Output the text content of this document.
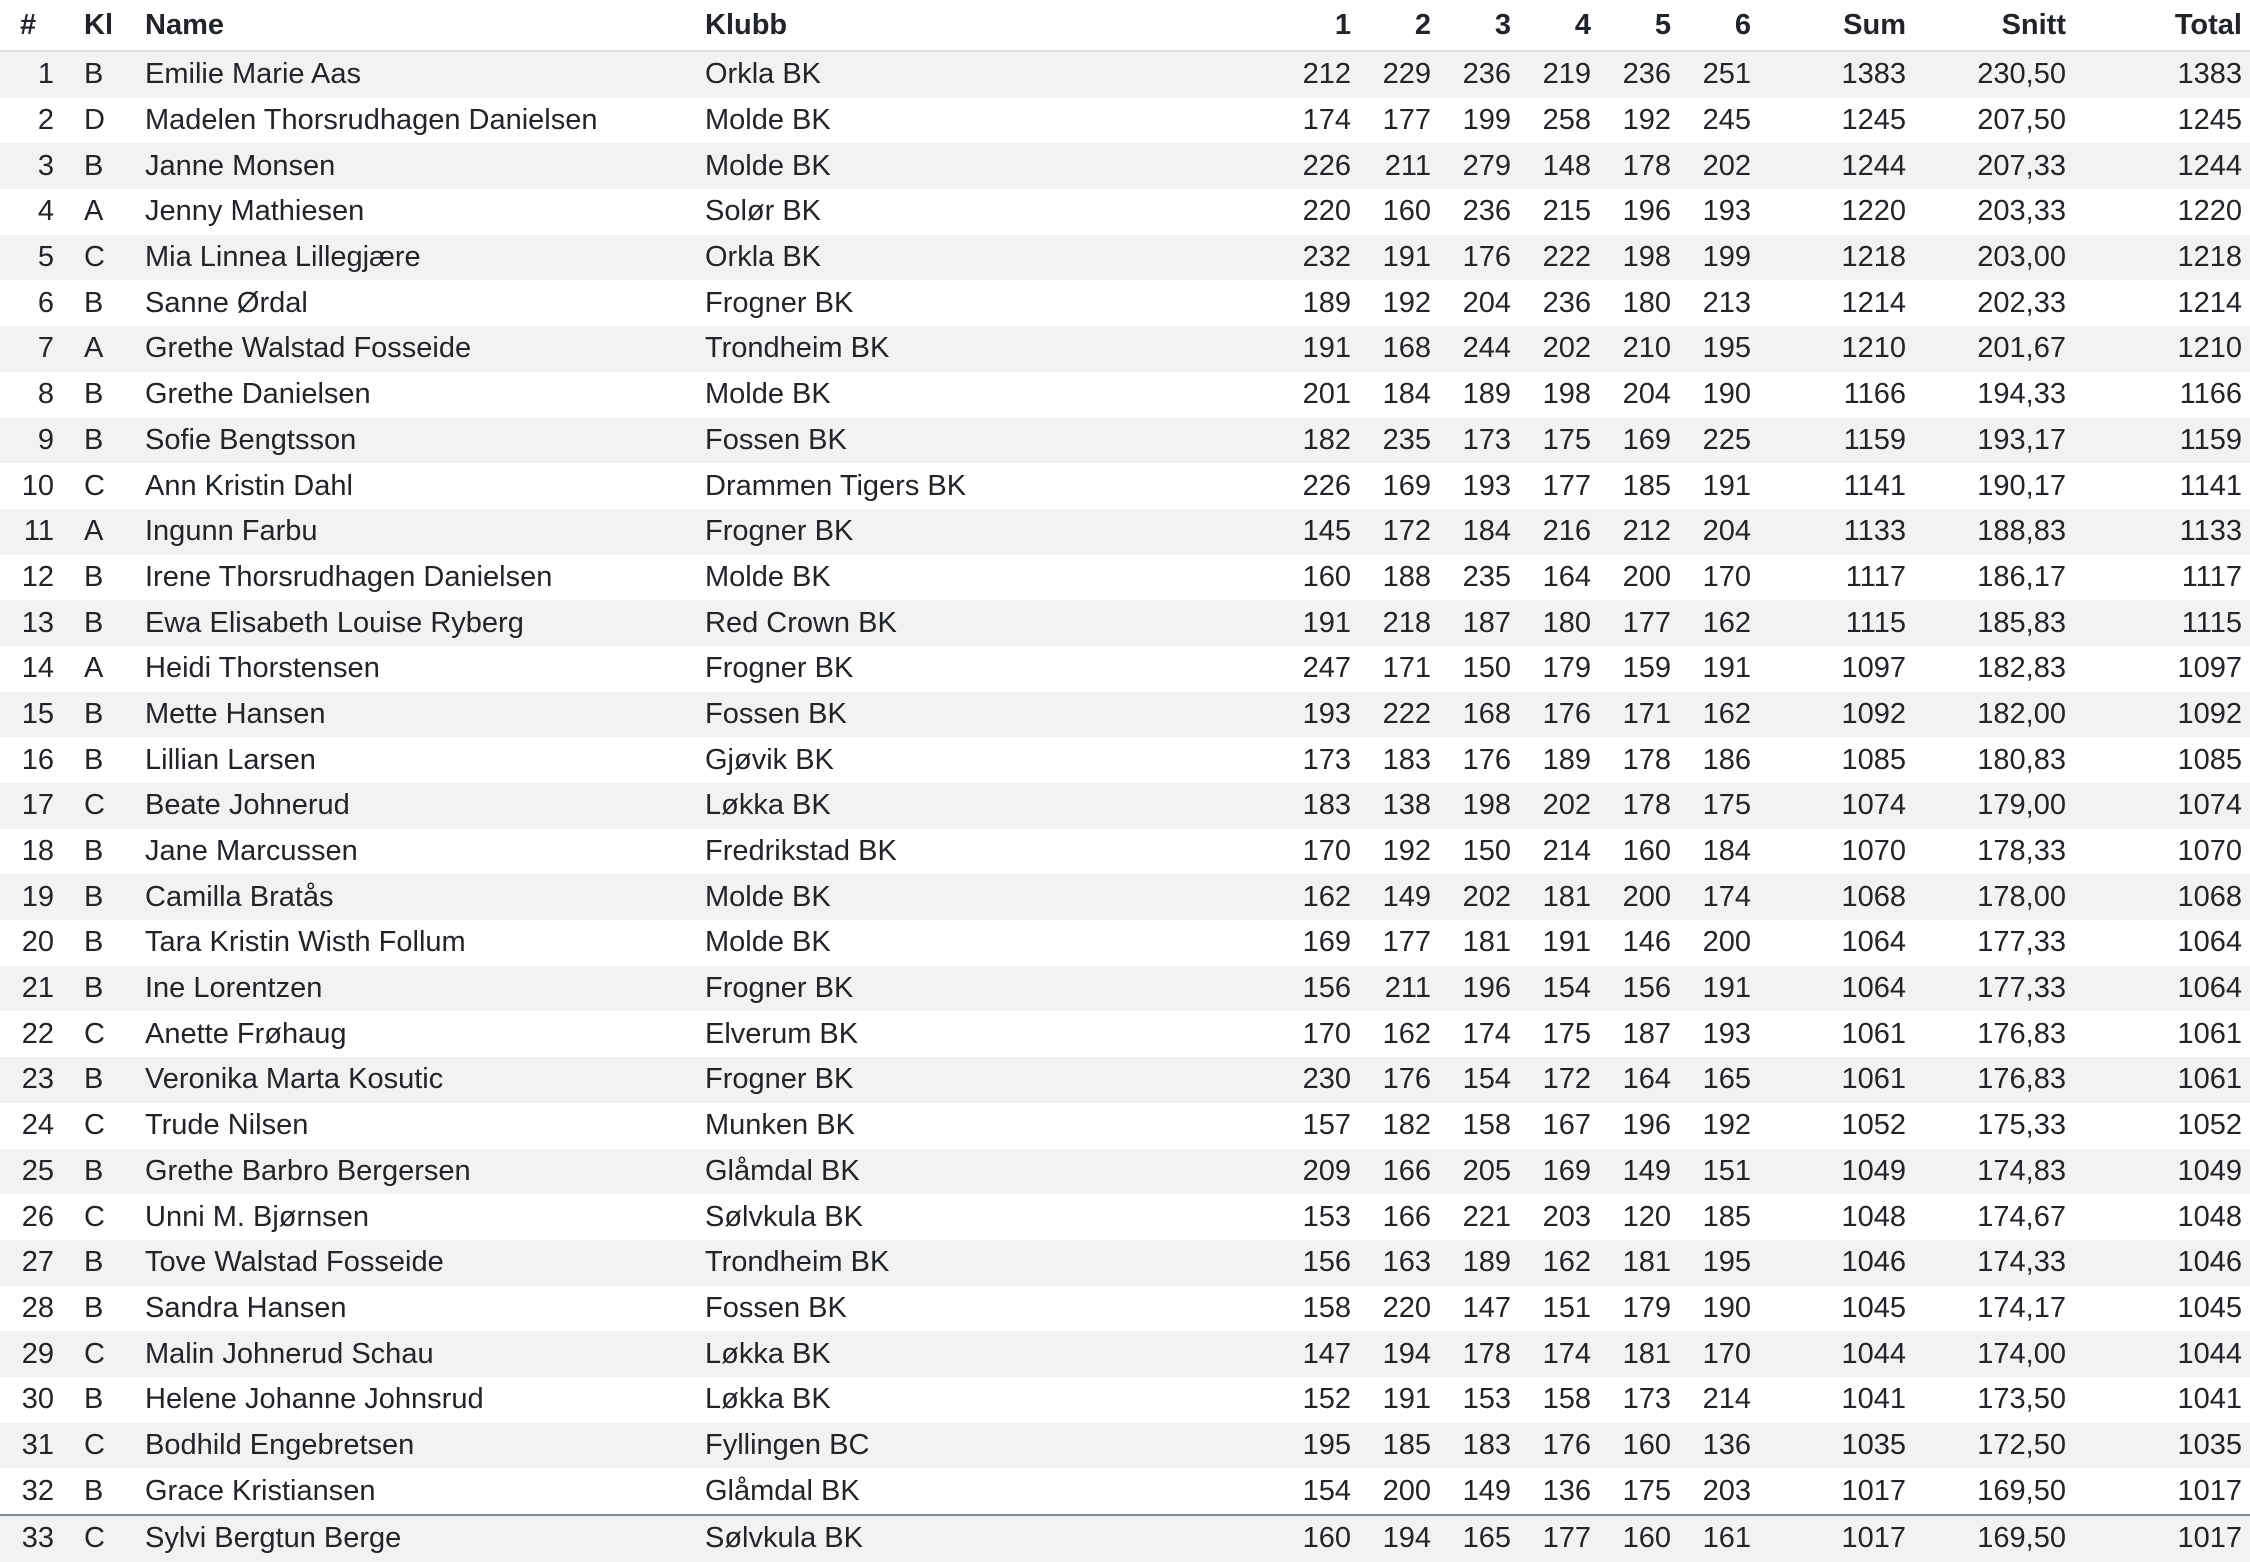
#	Kl	Name	Klubb	1	2	3	4	5	6	Sum	Snitt	Total
1	B	Emilie Marie Aas	Orkla BK	212	229	236	219	236	251	1383	230,50	1383
2	D	Madelen Thorsrudhagen Danielsen	Molde BK	174	177	199	258	192	245	1245	207,50	1245
3	B	Janne Monsen	Molde BK	226	211	279	148	178	202	1244	207,33	1244
4	A	Jenny Mathiesen	Solør BK	220	160	236	215	196	193	1220	203,33	1220
5	C	Mia Linnea Lillegjære	Orkla BK	232	191	176	222	198	199	1218	203,00	1218
6	B	Sanne Ørdal	Frogner BK	189	192	204	236	180	213	1214	202,33	1214
7	A	Grethe Walstad Fosseide	Trondheim BK	191	168	244	202	210	195	1210	201,67	1210
8	B	Grethe Danielsen	Molde BK	201	184	189	198	204	190	1166	194,33	1166
9	B	Sofie Bengtsson	Fossen BK	182	235	173	175	169	225	1159	193,17	1159
10	C	Ann Kristin Dahl	Drammen Tigers BK	226	169	193	177	185	191	1141	190,17	1141
11	A	Ingunn Farbu	Frogner BK	145	172	184	216	212	204	1133	188,83	1133
12	B	Irene Thorsrudhagen Danielsen	Molde BK	160	188	235	164	200	170	1117	186,17	1117
13	B	Ewa Elisabeth Louise Ryberg	Red Crown BK	191	218	187	180	177	162	1115	185,83	1115
14	A	Heidi Thorstensen	Frogner BK	247	171	150	179	159	191	1097	182,83	1097
15	B	Mette Hansen	Fossen BK	193	222	168	176	171	162	1092	182,00	1092
16	B	Lillian Larsen	Gjøvik BK	173	183	176	189	178	186	1085	180,83	1085
17	C	Beate Johnerud	Løkka BK	183	138	198	202	178	175	1074	179,00	1074
18	B	Jane Marcussen	Fredrikstad BK	170	192	150	214	160	184	1070	178,33	1070
19	B	Camilla Bratås	Molde BK	162	149	202	181	200	174	1068	178,00	1068
20	B	Tara Kristin Wisth Follum	Molde BK	169	177	181	191	146	200	1064	177,33	1064
21	B	Ine Lorentzen	Frogner BK	156	211	196	154	156	191	1064	177,33	1064
22	C	Anette Frøhaug	Elverum BK	170	162	174	175	187	193	1061	176,83	1061
23	B	Veronika Marta Kosutic	Frogner BK	230	176	154	172	164	165	1061	176,83	1061
24	C	Trude Nilsen	Munken BK	157	182	158	167	196	192	1052	175,33	1052
25	B	Grethe Barbro Bergersen	Glåmdal BK	209	166	205	169	149	151	1049	174,83	1049
26	C	Unni M. Bjørnsen	Sølvkula BK	153	166	221	203	120	185	1048	174,67	1048
27	B	Tove Walstad Fosseide	Trondheim BK	156	163	189	162	181	195	1046	174,33	1046
28	B	Sandra Hansen	Fossen BK	158	220	147	151	179	190	1045	174,17	1045
29	C	Malin Johnerud Schau	Løkka BK	147	194	178	174	181	170	1044	174,00	1044
30	B	Helene Johanne Johnsrud	Løkka BK	152	191	153	158	173	214	1041	173,50	1041
31	C	Bodhild Engebretsen	Fyllingen BC	195	185	183	176	160	136	1035	172,50	1035
32	B	Grace Kristiansen	Glåmdal BK	154	200	149	136	175	203	1017	169,50	1017
33	C	Sylvi Bergtun Berge	Sølvkula BK	160	194	165	177	160	161	1017	169,50	1017
